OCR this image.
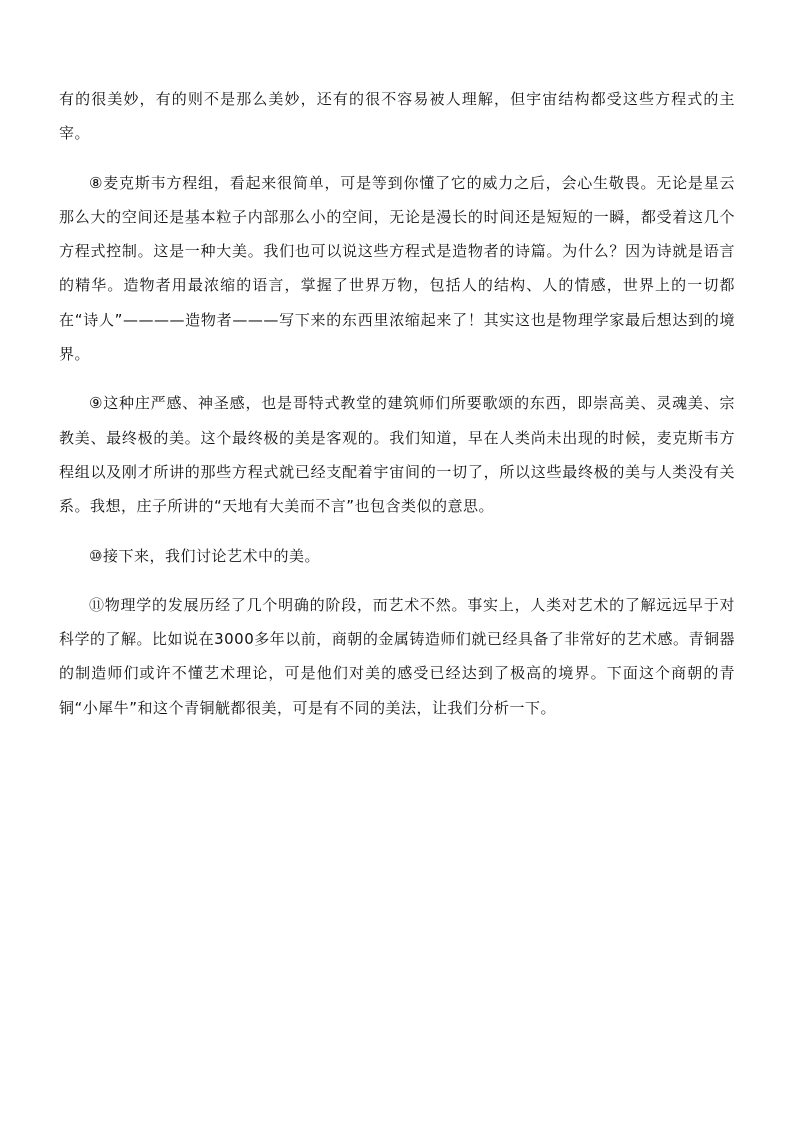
有的很美妙，有的则不是那么美妙，还有的很不容易被人理解，但宇宙结构都受这些方程式的主宰。

⑧麦克斯韦方程组，看起来很简单，可是等到你懂了它的威力之后，会心生敬畏。无论是星云那么大的空间还是基本粒子内部那么小的空间，无论是漫长的时间还是短短的一瞬，都受着这几个方程式控制。这是一种大美。我们也可以说这些方程式是造物者的诗篇。为什么？因为诗就是语言的精华。造物者用最浓缩的语言，掌握了世界万物，包括人的结构、人的情感，世界上的一切都在“诗人”————造物者———写下来的东西里浓缩起来了！其实这也是物理学家最后想达到的境界。

⑨这种庄严感、神圣感，也是哥特式教堂的建筑师们所要歌颂的东西，即崇高美、灵魂美、宗教美、最终极的美。这个最终极的美是客观的。我们知道，早在人类尚未出现的时候，麦克斯韦方程组以及刚才所讲的那些方程式就已经支配着宇宙间的一切了，所以这些最终极的美与人类没有关系。我想，庄子所讲的“天地有大美而不言”也包含类似的意思。

⑩接下来，我们讨论艺术中的美。

⑪物理学的发展历经了几个明确的阶段，而艺术不然。事实上，人类对艺术的了解远远早于对科学的了解。比如说在3000多年以前，商朝的金属铸造师们就已经具备了非常好的艺术感。青铜器的制造师们或许不懂艺术理论，可是他们对美的感受已经达到了极高的境界。下面这个商朝的青铜“小犀牛”和这个青铜觥都很美，可是有不同的美法，让我们分析一下。
